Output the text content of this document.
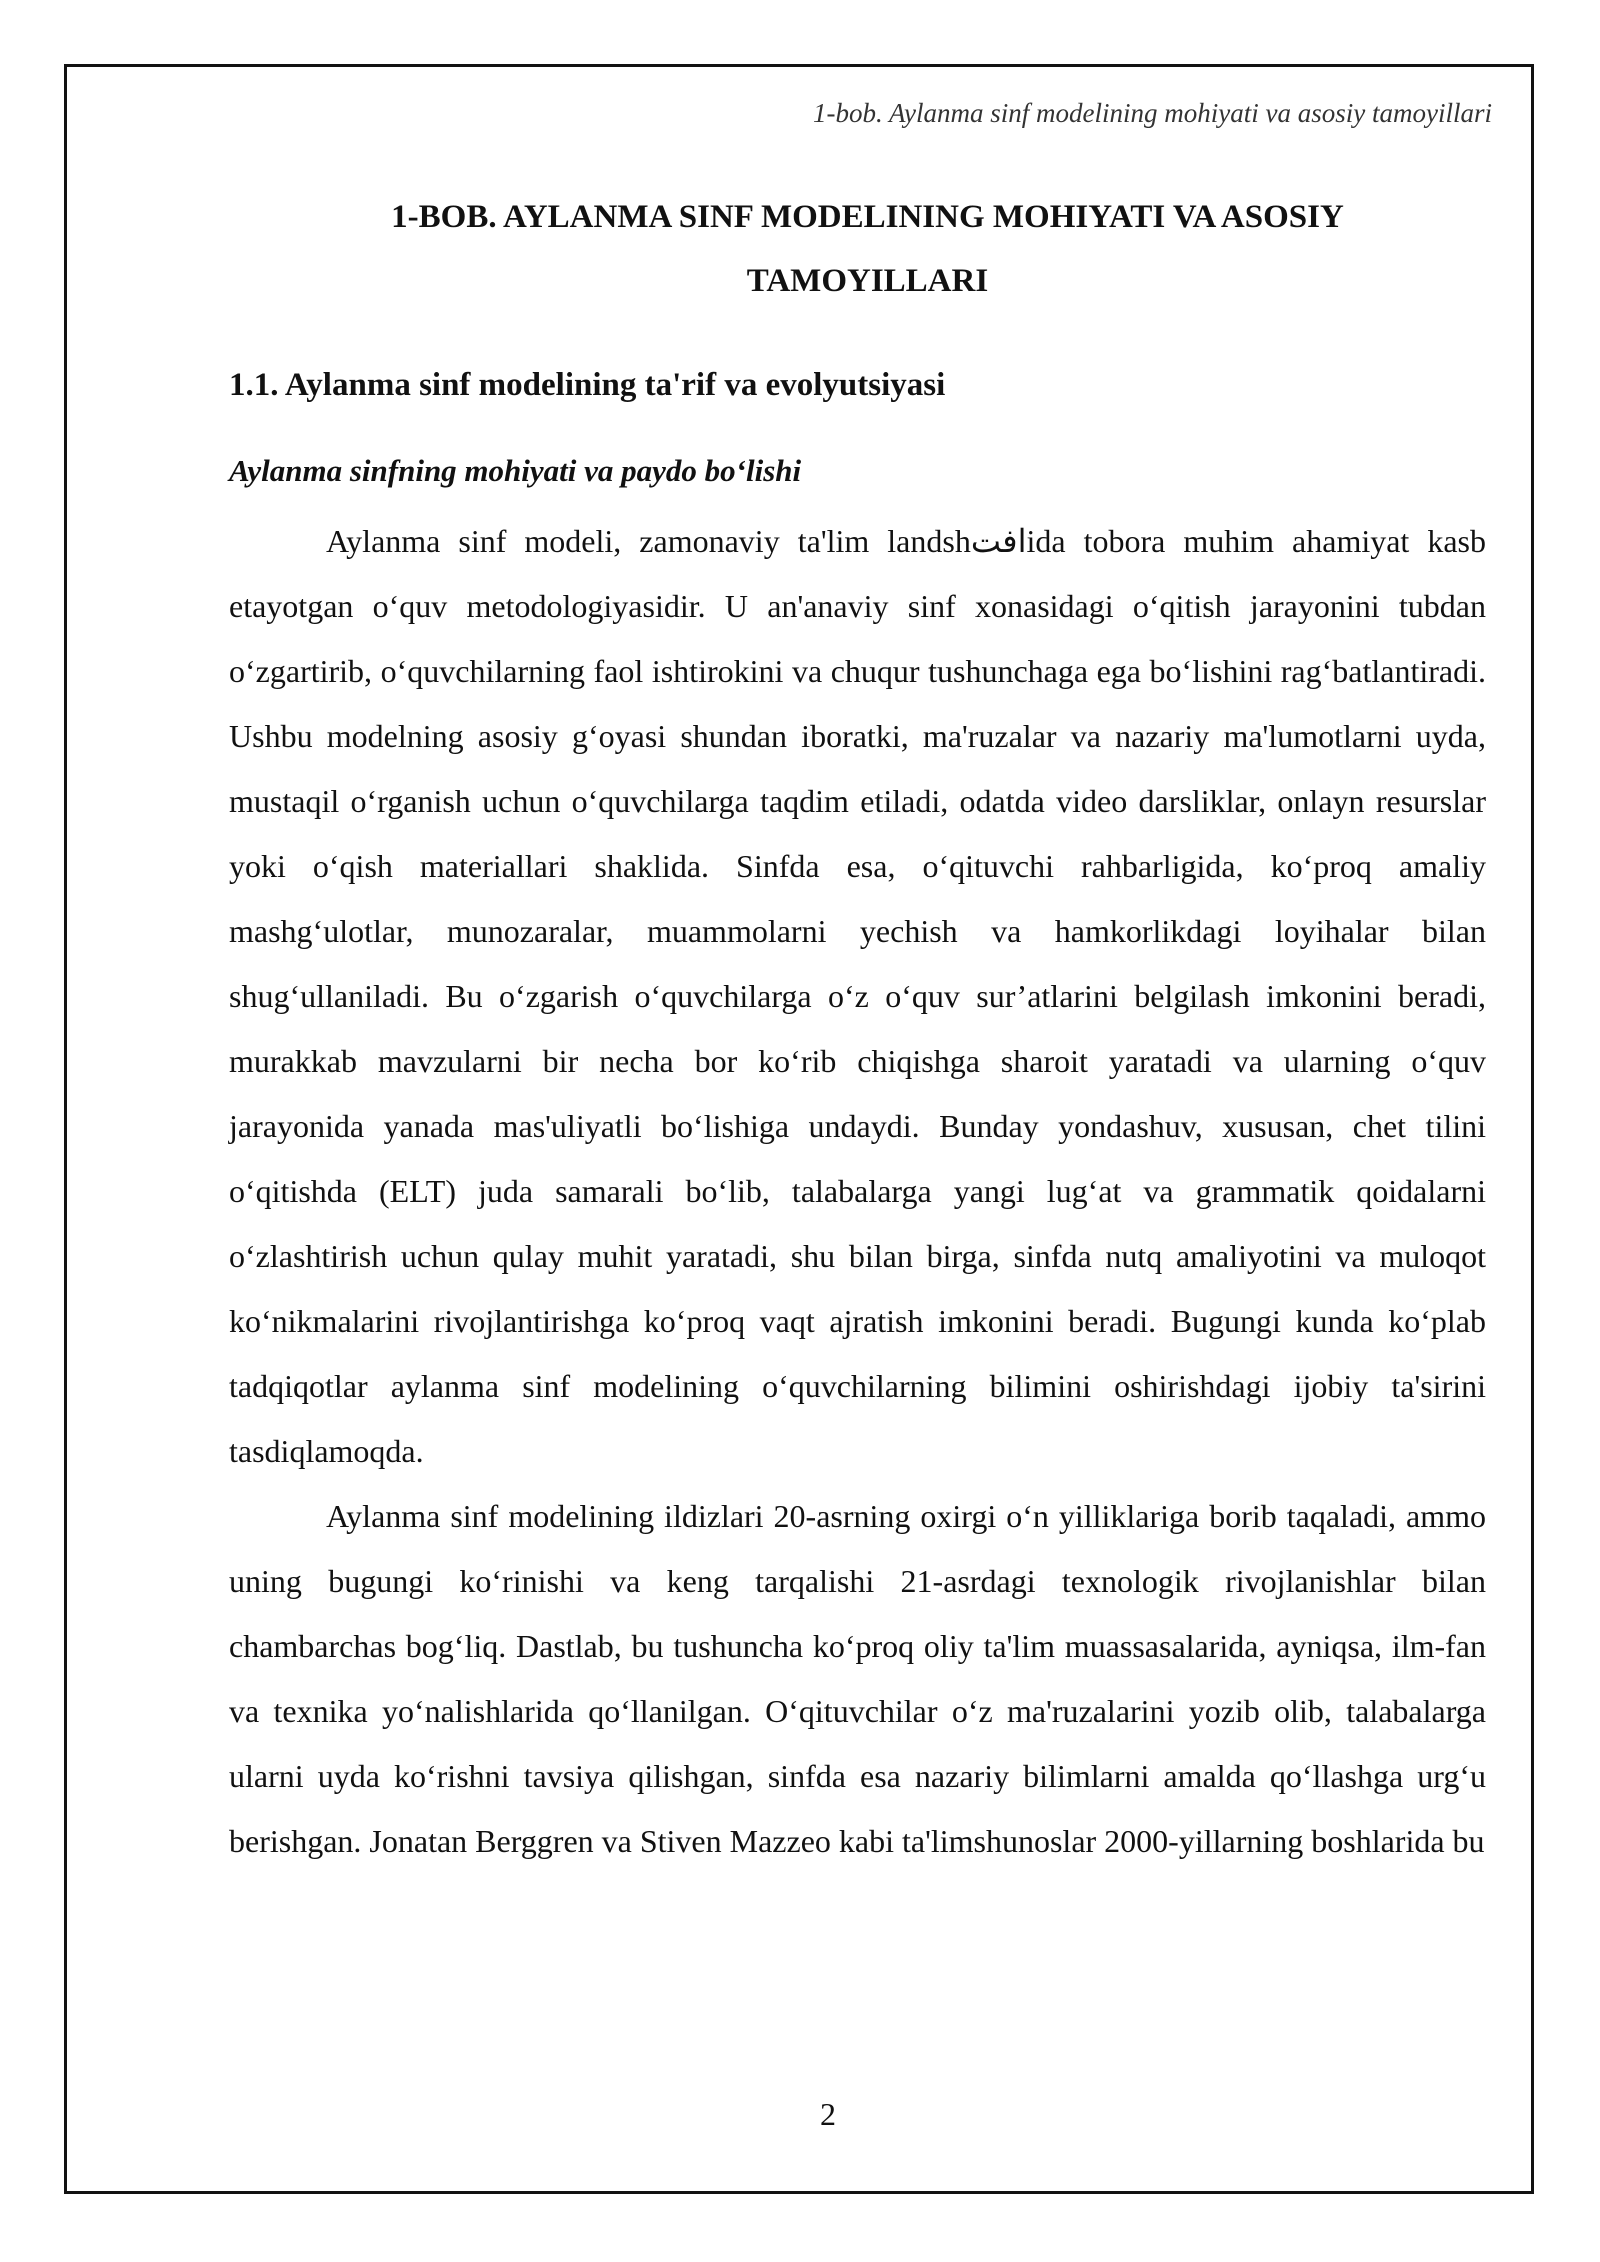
1-bob. Aylanma sinf modelining mohiyati va asosiy tamoyillari
1-BOB. AYLANMA SINF MODELINING MOHIYATI VA ASOSIY
TAMOYILLARI
1.1. Aylanma sinf modelining ta'rif va evolyutsiyasi
Aylanma sinfning mohiyati va paydo bo‘lishi

Aylanma sinf modeli, zamonaviy ta'lim landshافتida tobora muhim ahamiyat kasb etayotgan o‘quv metodologiyasidir. U an'anaviy sinf xonasidagi o‘qitish jarayonini tubdan o‘zgartirib, o‘quvchilarning faol ishtirokini va chuqur tushunchaga ega bo‘lishini rag‘batlantiradi. Ushbu modelning asosiy g‘oyasi shundan iboratki, ma'ruzalar va nazariy ma'lumotlarni uyda, mustaqil o‘rganish uchun o‘quvchilarga taqdim etiladi, odatda video darsliklar, onlayn resurslar yoki o‘qish materiallari shaklida. Sinfda esa, o‘qituvchi rahbarligida, ko‘proq amaliy mashg‘ulotlar, munozaralar, muammolarni yechish va hamkorlikdagi loyihalar bilan shug‘ullaniladi. Bu o‘zgarish o‘quvchilarga o‘z o‘quv sur’atlarini belgilash imkonini beradi, murakkab mavzularni bir necha bor ko‘rib chiqishga sharoit yaratadi va ularning o‘quv jarayonida yanada mas'uliyatli bo‘lishiga undaydi. Bunday yondashuv, xususan, chet tilini o‘qitishda (ELT) juda samarali bo‘lib, talabalarga yangi lug‘at va grammatik qoidalarni o‘zlashtirish uchun qulay muhit yaratadi, shu bilan birga, sinfda nutq amaliyotini va muloqot ko‘nikmalarini rivojlantirishga ko‘proq vaqt ajratish imkonini beradi. Bugungi kunda ko‘plab tadqiqotlar aylanma sinf modelining o‘quvchilarning bilimini oshirishdagi ijobiy ta'sirini tasdiqlamoqda.

Aylanma sinf modelining ildizlari 20-asrning oxirgi o‘n yilliklariga borib taqaladi, ammo uning bugungi ko‘rinishi va keng tarqalishi 21-asrdagi texnologik rivojlanishlar bilan chambarchas bog‘liq. Dastlab, bu tushuncha ko‘proq oliy ta'lim muassasalarida, ayniqsa, ilm-fan va texnika yo‘nalishlarida qo‘llanilgan. O‘qituvchilar o‘z ma'ruzalarini yozib olib, talabalarga ularni uyda ko‘rishni tavsiya qilishgan, sinfda esa nazariy bilimlarni amalda qo‘llashga urg‘u berishgan. Jonatan Berggren va Stiven Mazzeo kabi ta'limshunoslar 2000-yillarning boshlarida bu

2
